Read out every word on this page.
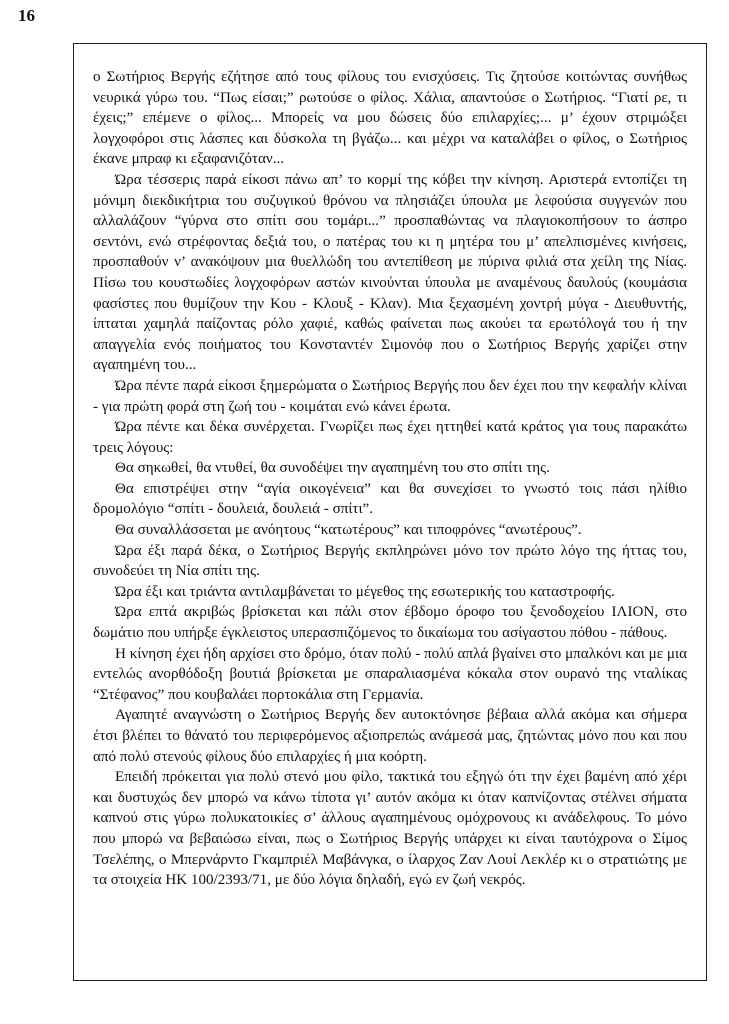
16

ο Σωτήριος Βεργής εζήτησε από τους φίλους του ενισχύσεις. Τις ζητούσε κοιτώντας συνήθως νευρικά γύρω του. “Πως είσαι;” ρωτούσε ο φίλος. Χάλια, απαντούσε ο Σωτήριος. “Γιατί ρε, τι έχεις;” επέμενε ο φίλος... Μπορείς να μου δώσεις δύο επιλαρχίες;... μ’ έχουν στριμώξει λογχοφόροι στις λάσπες και δύσκολα τη βγάζω... και μέχρι να καταλάβει ο φίλος, ο Σωτήριος έκανε μπραφ κι εξαφανιζόταν...

Ώρα τέσσερις παρά είκοσι πάνω απ’ το κορμί της κόβει την κίνηση. Αριστερά εντοπίζει τη μόνιμη διεκδικήτρια του συζυγικού θρόνου να πλησιάζει ύπουλα με λεφούσια συγγενών που αλλαλάζουν “γύρνα στο σπίτι σου τομάρι...” προσπαθώντας να πλαγιοκοπήσουν το άσπρο σεντόνι, ενώ στρέφοντας δεξιά του, ο πατέρας του κι η μητέρα του μ’ απελπισμένες κινήσεις, προσπαθούν ν’ ανακόψουν μια θυελλώδη του αντεπίθεση με πύρινα φιλιά στα χείλη της Νίας. Πίσω του κουστωδίες λογχοφόρων αστών κινούνται ύπουλα με αναμένους δαυλούς (κουμάσια φασίστες που θυμίζουν την Κου - Κλουξ - Κλαν). Μια ξεχασμένη χοντρή μύγα - Διευθυντής, ίπταται χαμηλά παίζοντας ρόλο χαφιέ, καθώς φαίνεται πως ακούει τα ερωτόλογά του ή την απαγγελία ενός ποιήματος του Κονσταντέν Σιμονόφ που ο Σωτήριος Βεργής χαρίζει στην αγαπημένη του...

Ώρα πέντε παρά είκοσι ξημερώματα ο Σωτήριος Βεργής που δεν έχει που την κεφαλήν κλίναι - για πρώτη φορά στη ζωή του - κοιμάται ενώ κάνει έρωτα.

Ώρα πέντε και δέκα συνέρχεται. Γνωρίζει πως έχει ηττηθεί κατά κράτος για τους παρακάτω τρεις λόγους:

Θα σηκωθεί, θα ντυθεί, θα συνοδέψει την αγαπημένη του στο σπίτι της.

Θα επιστρέψει στην “αγία οικογένεια” και θα συνεχίσει το γνωστό τοις πάσι ηλίθιο δρομολόγιο “σπίτι - δουλειά, δουλειά - σπίτι”.

Θα συναλλάσσεται με ανόητους “κατωτέρους” και τιποφρόνες “ανωτέρους”.

Ώρα έξι παρά δέκα, ο Σωτήριος Βεργής εκπληρώνει μόνο τον πρώτο λόγο της ήττας του, συνοδεύει τη Νία σπίτι της.

Ώρα έξι και τριάντα αντιλαμβάνεται το μέγεθος της εσωτερικής του καταστροφής.

Ώρα επτά ακριβώς βρίσκεται και πάλι στον έβδομο όροφο του ξενοδοχείου ΙΛΙΟΝ, στο δωμάτιο που υπήρξε έγκλειστος υπερασπιζόμενος το δικαίωμα του ασίγαστου πόθου - πάθους.

Η κίνηση έχει ήδη αρχίσει στο δρόμο, όταν πολύ - πολύ απλά βγαίνει στο μπαλκόνι και με μια εντελώς ανορθόδοξη βουτιά βρίσκεται με σπαραλιασμένα κόκαλα στον ουρανό της νταλίκας “Στέφανος” που κουβαλάει πορτοκάλια στη Γερμανία.

Αγαπητέ αναγνώστη ο Σωτήριος Βεργής δεν αυτοκτόνησε βέβαια αλλά ακόμα και σήμερα έτσι βλέπει το θάνατό του περιφερόμενος αξιοπρεπώς ανάμεσά μας, ζητώντας μόνο που και που από πολύ στενούς φίλους δύο επιλαρχίες ή μια κοόρτη.

Επειδή πρόκειται για πολύ στενό μου φίλο, τακτικά του εξηγώ ότι την έχει βαμένη από χέρι και δυστυχώς δεν μπορώ να κάνω τίποτα γι’ αυτόν ακόμα κι όταν καπνίζοντας στέλνει σήματα καπνού στις γύρω πολυκατοικίες σ’ άλλους αγαπημένους ομόχρονους κι ανάδελφους. Το μόνο που μπορώ να βεβαιώσω είναι, πως ο Σωτήριος Βεργής υπάρχει κι είναι ταυτόχρονα ο Σίμος Τσελέπης, ο Μπερνάρντο Γκαμπριέλ Μαβάνγκα, ο ίλαρχος Ζαν Λουί Λεκλέρ κι ο στρατιώτης με τα στοιχεία ΗΚ 100/2393/71, με δύο λόγια δηλαδή, εγώ εν ζωή νεκρός.
